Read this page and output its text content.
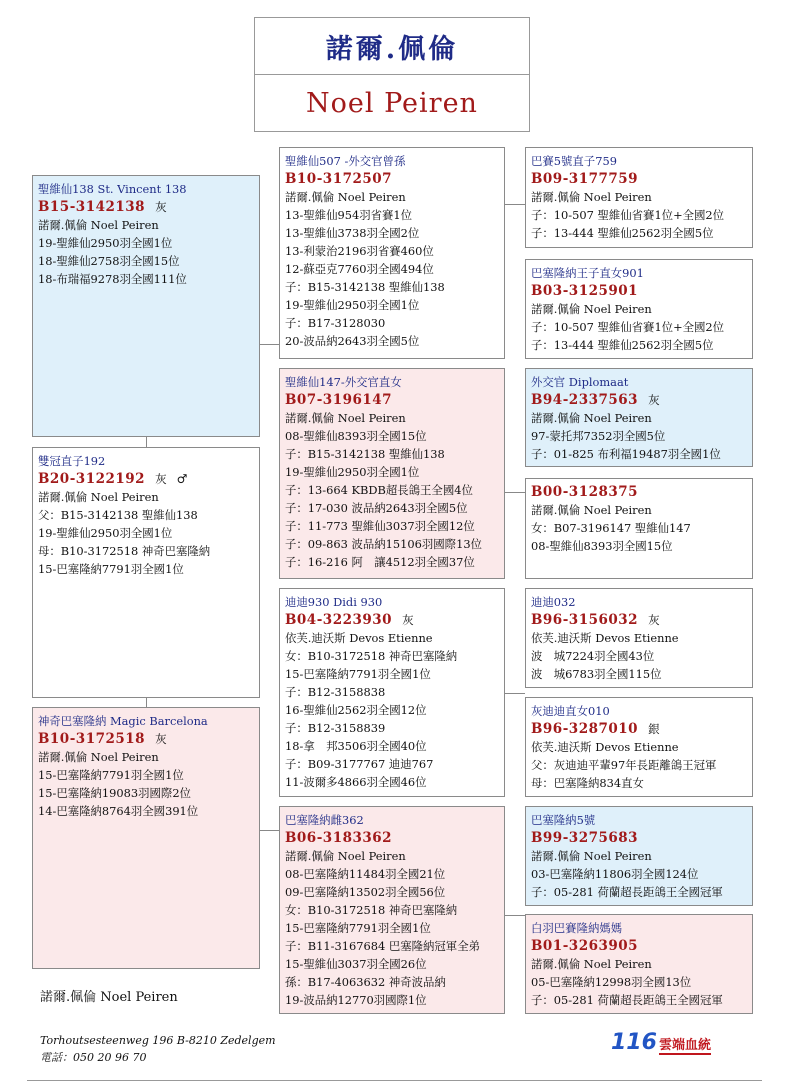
諾爾.佩倫
Noel Peiren
聖維仙138 St. Vincent 138
B15-3142138 灰
諾爾.佩倫 Noel Peiren
19-聖維仙2950羽全國1位
18-聖維仙2758羽全國15位
18-布瑞福9278羽全國111位
雙冠直子192
B20-3122192 灰 ♂
諾爾.佩倫 Noel Peiren
父：B15-3142138 聖維仙138
19-聖維仙2950羽全國1位
母：B10-3172518 神奇巴塞隆納
15-巴塞隆納7791羽全國1位
神奇巴塞隆納 Magic Barcelona
B10-3172518 灰
諾爾.佩倫 Noel Peiren
15-巴塞隆納7791羽全國1位
15-巴塞隆納19083羽國際2位
14-巴塞隆納8764羽全國391位
聖維仙507 -外交官曾孫
B10-3172507
諾爾.佩倫 Noel Peiren
13-聖維仙954羽省賽1位
13-聖維仙3738羽全國2位
13-利蒙治2196羽省賽460位
12-蘇亞克7760羽全國494位
子：B15-3142138 聖維仙138
19-聖維仙2950羽全國1位
子：B17-3128030
20-波品納2643羽全國5位
聖維仙147-外交官直女
B07-3196147
諾爾.佩倫 Noel Peiren
08-聖維仙8393羽全國15位
子：B15-3142138 聖維仙138
19-聖維仙2950羽全國1位
子：13-664 KBDB超長鴿王全國4位
子：17-030 波品納2643羽全國5位
子：11-773 聖維仙3037羽全國12位
子：09-863 波品納15106羽國際13位
子：16-216 阿　讓4512羽全國37位
迪迪930 Didi 930
B04-3223930 灰
依芙.迪沃斯 Devos Etienne
女：B10-3172518 神奇巴塞隆納
15-巴塞隆納7791羽全國1位
子：B12-3158838
16-聖維仙2562羽全國12位
子：B12-3158839
18-拿　邦3506羽全國40位
子：B09-3177767 迪迪767
11-波爾多4866羽全國46位
巴塞隆納雌362
B06-3183362
諾爾.佩倫 Noel Peiren
08-巴塞隆納11484羽全國21位
09-巴塞隆納13502羽全國56位
女：B10-3172518 神奇巴塞隆納
15-巴塞隆納7791羽全國1位
子：B11-3167684 巴塞隆納冠軍全弟
15-聖維仙3037羽全國26位
孫：B17-4063632 神奇波品納
19-波品納12770羽國際1位
巴賽5號直子759
B09-3177759
諾爾.佩倫 Noel Peiren
子：10-507 聖維仙省賽1位+全國2位
子：13-444 聖維仙2562羽全國5位
巴塞隆納王子直女901
B03-3125901
諾爾.佩倫 Noel Peiren
子：10-507 聖維仙省賽1位+全國2位
子：13-444 聖維仙2562羽全國5位
外交官 Diplomaat
B94-2337563 灰
諾爾.佩倫 Noel Peiren
97-蒙托邦7352羽全國5位
子：01-825 布利福19487羽全國1位
B00-3128375
諾爾.佩倫 Noel Peiren
女：B07-3196147 聖維仙147
08-聖維仙8393羽全國15位
迪迪032
B96-3156032 灰
依芙.迪沃斯 Devos Etienne
波　城7224羽全國43位
波　城6783羽全國115位
灰迪迪直女010
B96-3287010 銀
依芙.迪沃斯 Devos Etienne
父：灰迪迪平輩97年長距離鴿王冠軍
母：巴塞隆納834直女
巴塞隆納5號
B99-3275683
諾爾.佩倫 Noel Peiren
03-巴塞隆納11806羽全國124位
子：05-281 荷蘭超長距鴿王全國冠軍
白羽巴賽隆納媽媽
B01-3263905
諾爾.佩倫 Noel Peiren
05-巴塞隆納12998羽全國13位
子：05-281 荷蘭超長距鴿王全國冠軍
諾爾.佩倫 Noel Peiren
Torhoutsesteenweg 196 B-8210 Zedelgem
電話：050 20 96 70
116 雲端血統
